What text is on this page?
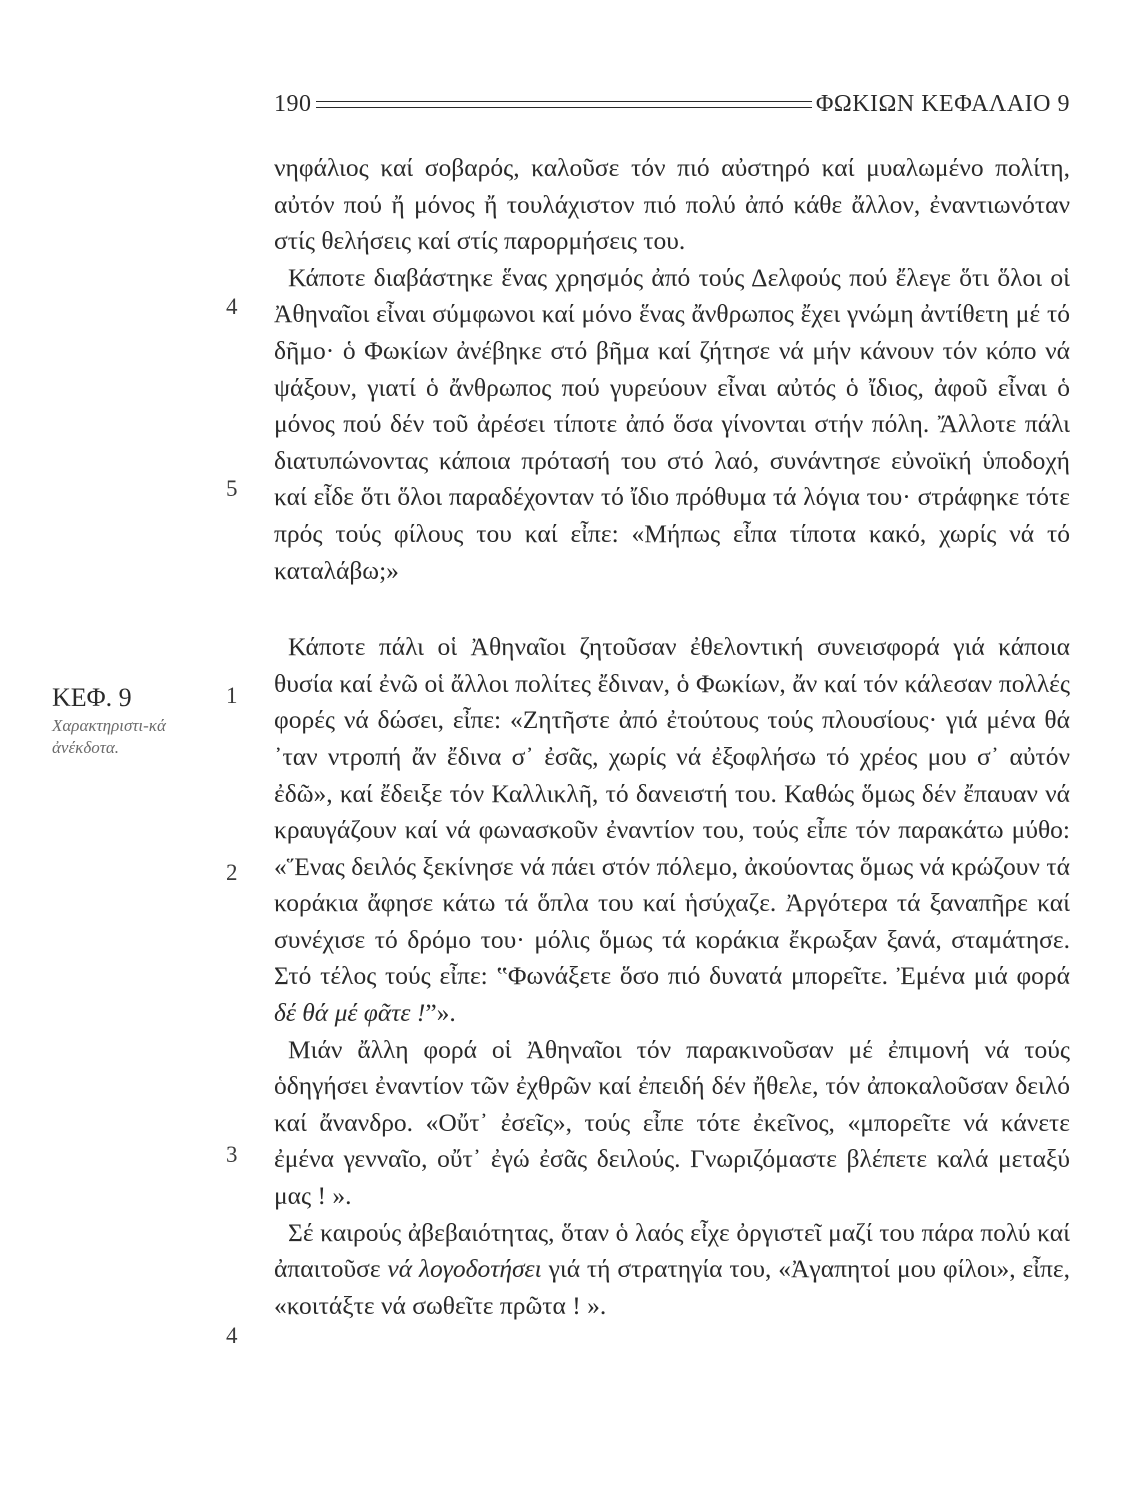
190	ΦΩΚΙΩΝ ΚΕΦΑΛΑΙΟ 9
ΚΕΦ. 9
Χαρακτηριστι-κά ἀνέκδοτα.
4
5
1
2
3
4

νηφάλιος καί σοβαρός, καλοῦσε τόν πιό αὐστηρό καί μυαλωμένο πολίτη, αὐτόν πού ἤ μόνος ἤ τουλάχιστον πιό πολύ ἀπό κάθε ἄλλον, ἐναντιωνόταν στίς θελήσεις καί στίς παρορμήσεις του.

Κάποτε διαβάστηκε ἕνας χρησμός ἀπό τούς Δελφούς πού ἔλεγε ὅτι ὅλοι οἱ Ἀθηναῖοι εἶναι σύμφωνοι καί μόνο ἕνας ἄνθρωπος ἔχει γνώμη ἀντίθετη μέ τό δῆμο· ὁ Φωκίων ἀνέβηκε στό βῆμα καί ζήτησε νά μήν κάνουν τόν κόπο νά ψάξουν, γιατί ὁ ἄνθρωπος πού γυρεύουν εἶναι αὐτός ὁ ἴδιος, ἀφοῦ εἶναι ὁ μόνος πού δέν τοῦ ἀρέσει τίποτε ἀπό ὅσα γίνονται στήν πόλη. Ἄλλοτε πάλι διατυπώνοντας κάποια πρότασή του στό λαό, συνάντησε εὐνοϊκή ὑποδοχή καί εἶδε ὅτι ὅλοι παραδέχονταν τό ἴδιο πρόθυμα τά λόγια του· στράφηκε τότε πρός τούς φίλους του καί εἶπε: «Μήπως εἶπα τίποτα κακό, χωρίς νά τό καταλάβω;»

Κάποτε πάλι οἱ Ἀθηναῖοι ζητοῦσαν ἐθελοντική συνεισφορά γιά κάποια θυσία καί ἐνῶ οἱ ἄλλοι πολίτες ἔδιναν, ὁ Φωκίων, ἄν καί τόν κάλεσαν πολλές φορές νά δώσει, εἶπε: «Ζητῆστε ἀπό ἐτούτους τούς πλουσίους· γιά μένα θά ᾽ταν ντροπή ἄν ἔδινα σ᾽ ἐσᾶς, χωρίς νά ἐξοφλήσω τό χρέος μου σ᾽ αὐτόν ἐδῶ», καί ἔδειξε τόν Καλλικλῆ, τό δανειστή του. Καθώς ὅμως δέν ἔπαυαν νά κραυγάζουν καί νά φωνασκοῦν ἐναντίον του, τούς εἶπε τόν παρακάτω μύθο: «Ἕνας δειλός ξεκίνησε νά πάει στόν πόλεμο, ἀκούοντας ὅμως νά κρώζουν τά κοράκια ἄφησε κάτω τά ὅπλα του καί ἡσύχαζε. Ἀργότερα τά ξαναπῆρε καί συνέχισε τό δρόμο του· μόλις ὅμως τά κοράκια ἔκρωξαν ξανά, σταμάτησε. Στό τέλος τούς εἶπε: ‟Φωνάξετε ὅσο πιό δυνατά μπορεῖτε. Ἐμένα μιά φορά δέ θά μέ φᾶτε !”».

Μιάν ἄλλη φορά οἱ Ἀθηναῖοι τόν παρακινοῦσαν μέ ἐπιμονή νά τούς ὁδηγήσει ἐναντίον τῶν ἐχθρῶν καί ἐπειδή δέν ἤθελε, τόν ἀποκαλοῦσαν δειλό καί ἄνανδρο. «Οὔτ᾽ ἐσεῖς», τούς εἶπε τότε ἐκεῖνος, «μπορεῖτε νά κάνετε ἐμένα γενναῖο, οὔτ᾽ ἐγώ ἐσᾶς δειλούς. Γνωριζόμαστε βλέπετε καλά μεταξύ μας ! ».

Σέ καιρούς ἀβεβαιότητας, ὅταν ὁ λαός εἶχε ὀργιστεῖ μαζί του πάρα πολύ καί ἀπαιτοῦσε νά λογοδοτήσει γιά τή στρατηγία του, «Ἀγαπητοί μου φίλοι», εἶπε, «κοιτάξτε νά σωθεῖτε πρῶτα ! ».
